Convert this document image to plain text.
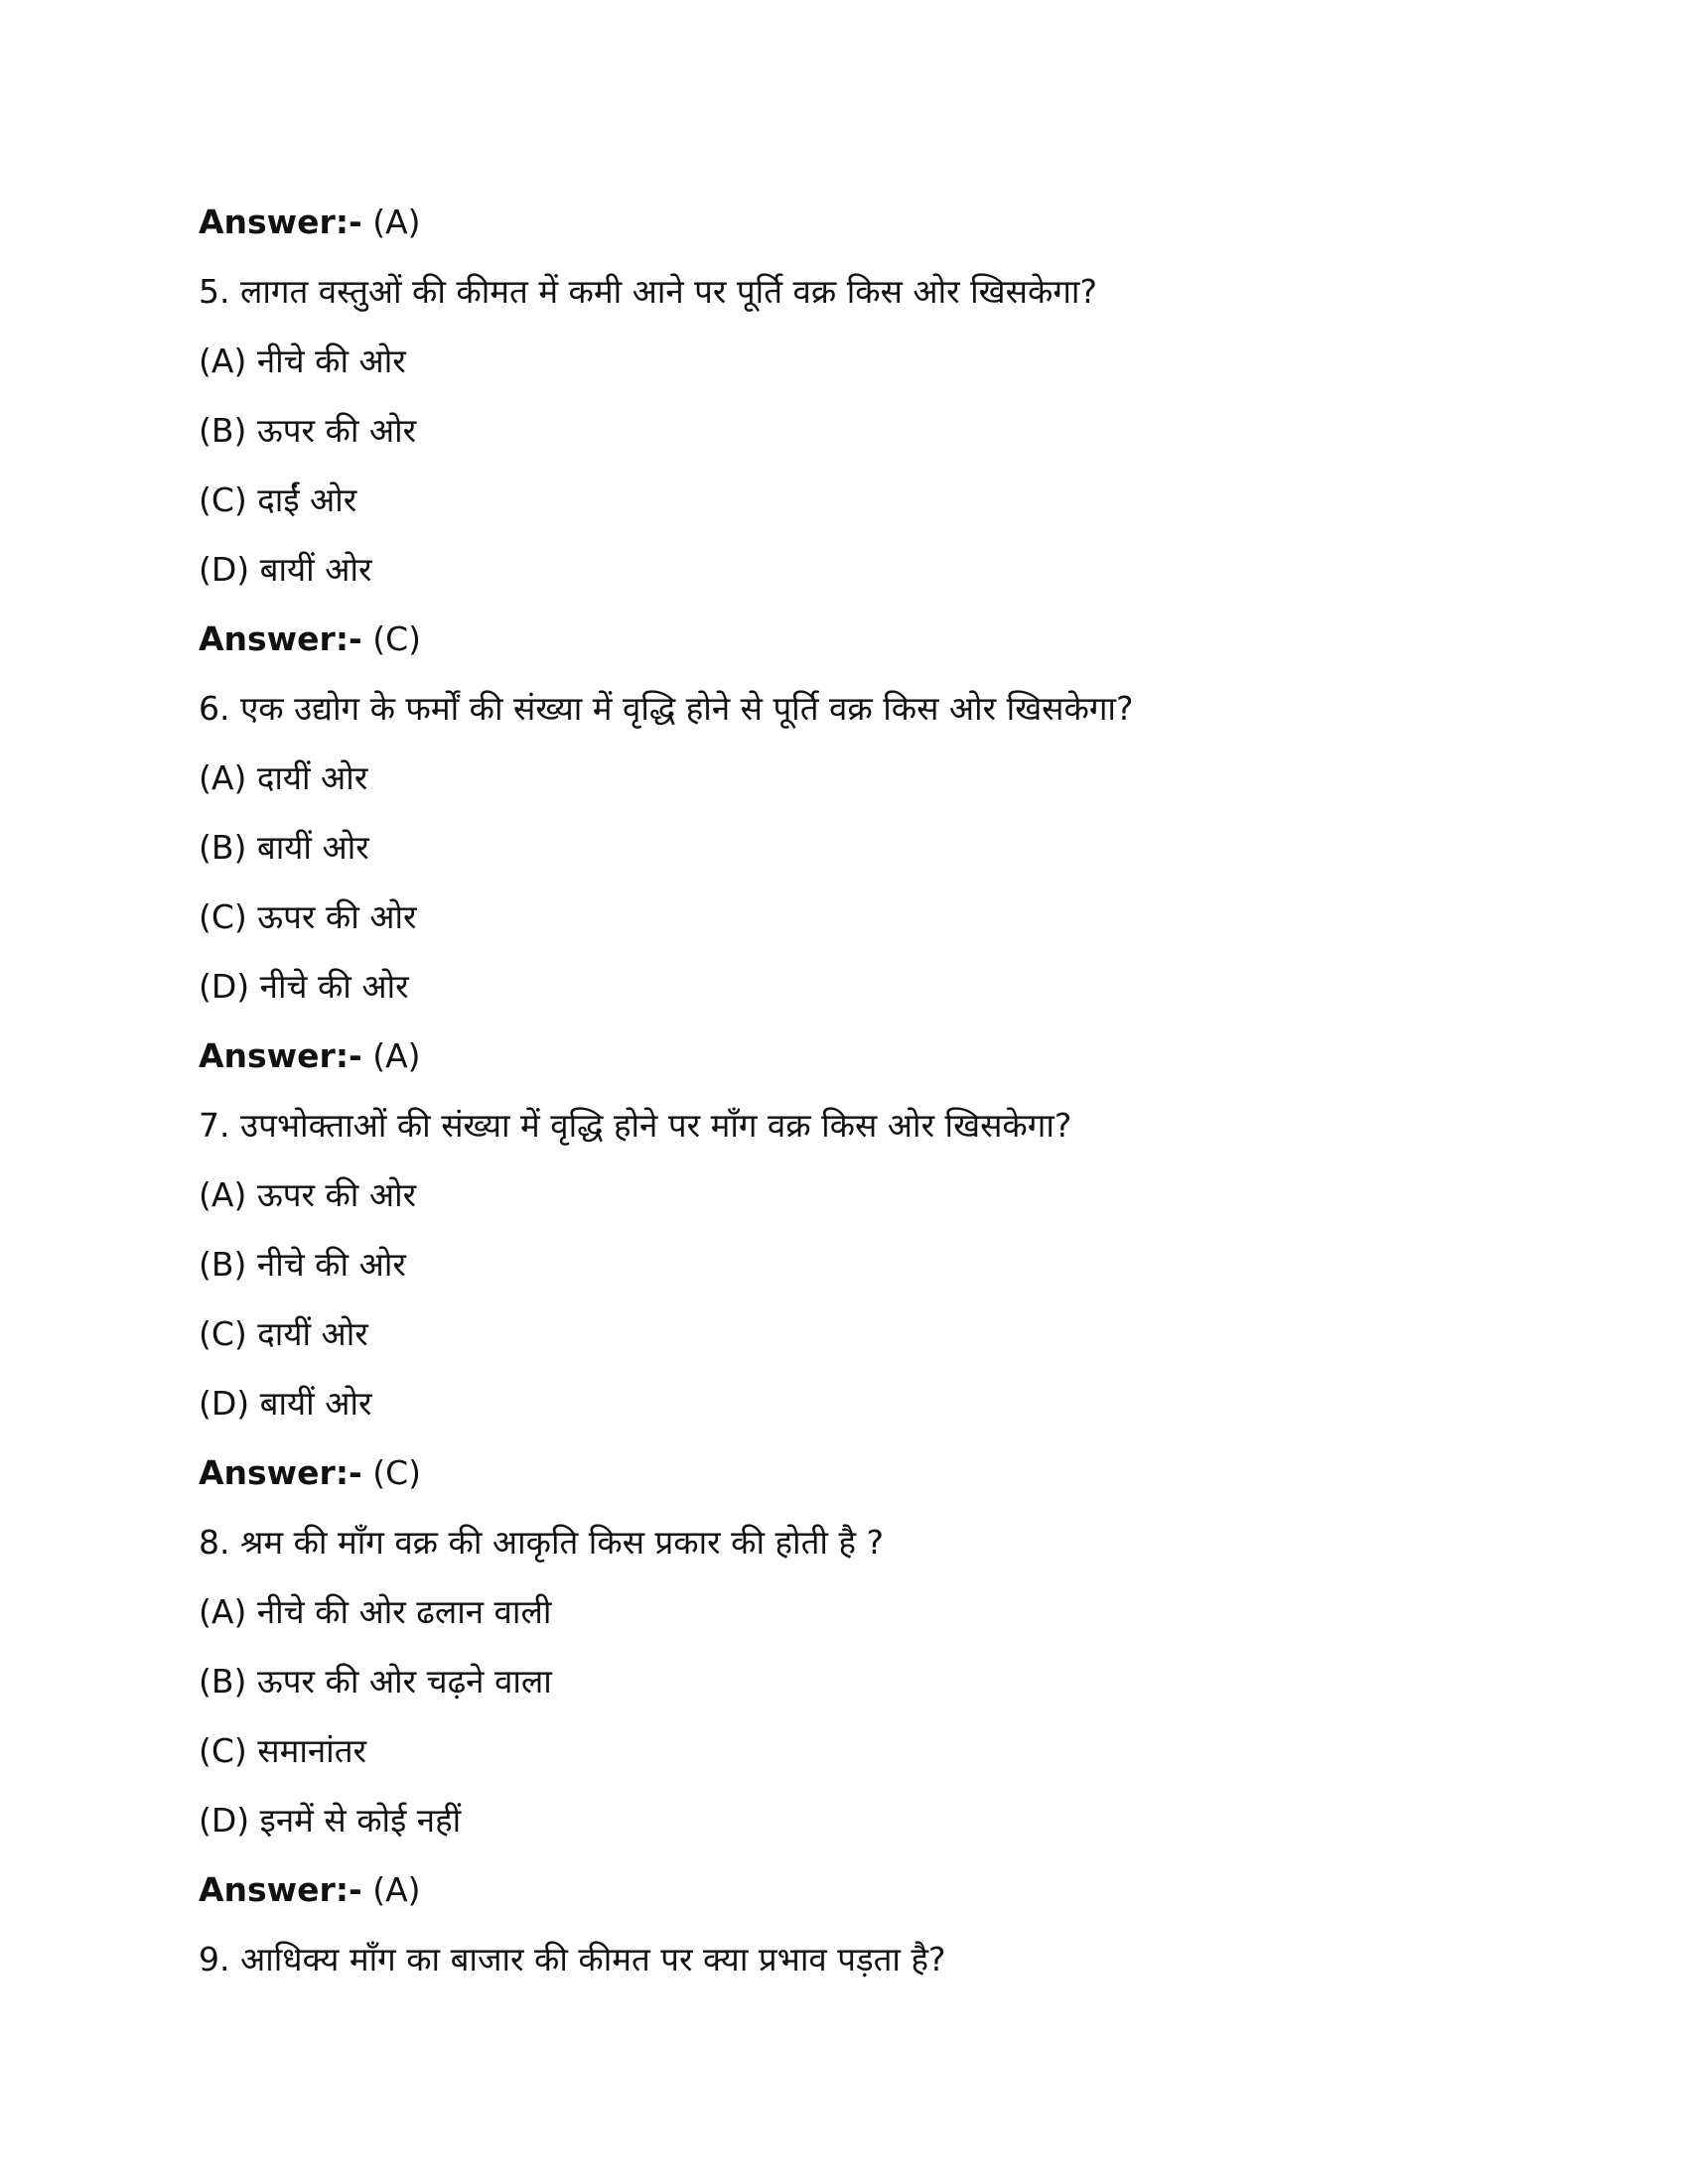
Answer:- (A)
5. लागत वस्तुओं की कीमत में कमी आने पर पूर्ति वक्र किस ओर खिसकेगा?
(A) नीचे की ओर
(B) ऊपर की ओर
(C) दाईं ओर
(D) बायीं ओर
Answer:- (C)
6. एक उद्योग के फर्मों की संख्या में वृद्धि होने से पूर्ति वक्र किस ओर खिसकेगा?
(A) दायीं ओर
(B) बायीं ओर
(C) ऊपर की ओर
(D) नीचे की ओर
Answer:- (A)
7. उपभोक्ताओं की संख्या में वृद्धि होने पर माँग वक्र किस ओर खिसकेगा?
(A) ऊपर की ओर
(B) नीचे की ओर
(C) दायीं ओर
(D) बायीं ओर
Answer:- (C)
8. श्रम की माँग वक्र की आकृति किस प्रकार की होती है ?
(A) नीचे की ओर ढलान वाली
(B) ऊपर की ओर चढ़ने वाला
(C) समानांतर
(D) इनमें से कोई नहीं
Answer:- (A)
9. आधिक्य माँग का बाजार की कीमत पर क्या प्रभाव पड़ता है?
